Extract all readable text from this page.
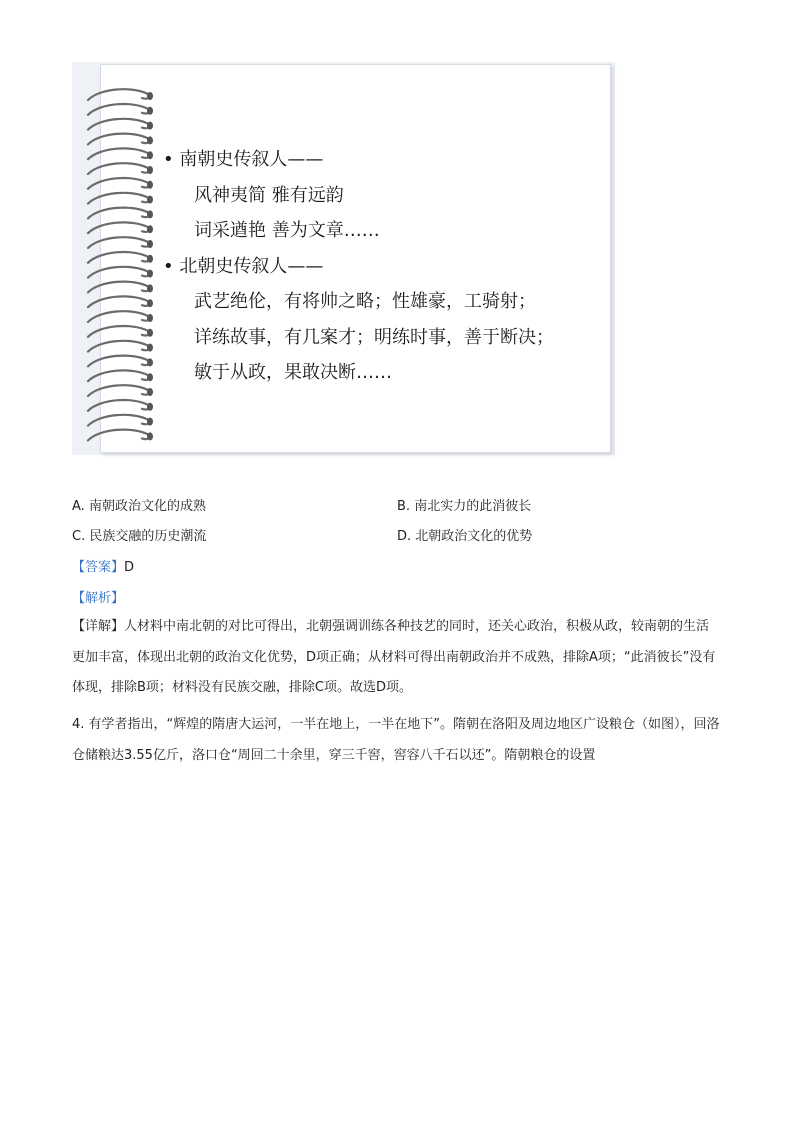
• 南朝史传叙人——
风神夷简 雅有远韵
词采遒艳 善为文章……
• 北朝史传叙人——
武艺绝伦，有将帅之略；性雄豪，工骑射；
详练故事，有几案才；明练时事，善于断决；
敏于从政，果敢决断……
A. 南朝政治文化的成熟	B. 南北实力的此消彼长
C. 民族交融的历史潮流	D. 北朝政治文化的优势
【答案】D
【解析】
【详解】人材料中南北朝的对比可得出，北朝强调训练各种技艺的同时，还关心政治，积极从政，较南朝的生活更加丰富，体现出北朝的政治文化优势，D项正确；从材料可得出南朝政治并不成熟，排除A项；“此消彼长”没有体现，排除B项；材料没有民族交融，排除C项。故选D项。
4. 有学者指出，“辉煌的隋唐大运河，一半在地上，一半在地下”。隋朝在洛阳及周边地区广设粮仓（如图），回洛仓储粮达3.55亿斤，洛口仓“周回二十余里，穿三千窖，窖容八千石以还”。隋朝粮仓的设置
